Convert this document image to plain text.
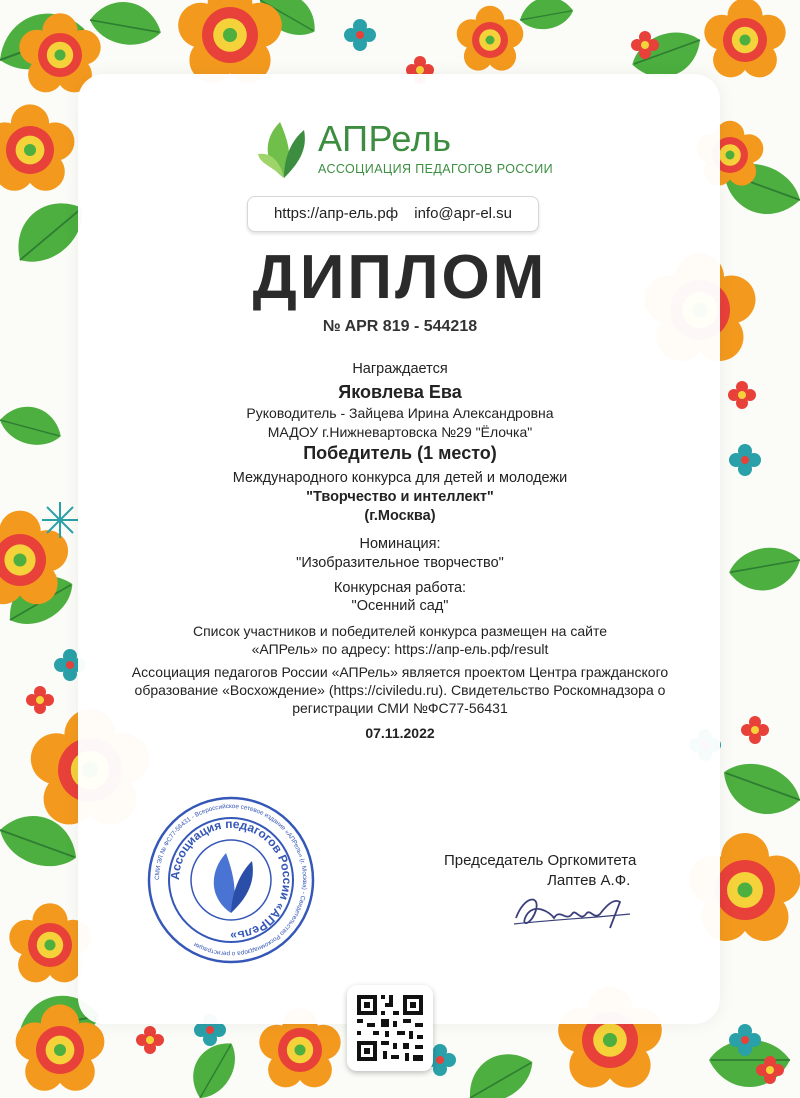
АПРель
АССОЦИАЦИЯ ПЕДАГОГОВ РОССИИ
https://апр-ель.рф info@apr-el.su
ДИПЛОМ
№ APR 819 - 544218
Награждается
Яковлева Ева
Руководитель - Зайцева Ирина Александровна
МАДОУ г.Нижневартовска №29 "Ёлочка"
Победитель (1 место)
Международного конкурса для детей и молодежи
"Творчество и интеллект"
(г.Москва)
Номинация:
"Изобразительное творчество"
Конкурсная работа:
"Осенний сад"
Список участников и победителей конкурса размещен на сайте
«АПРель» по адресу: https://апр-ель.рф/result
Ассоциация педагогов России «АПРель» является проектом Центра гражданского
образование «Восхождение» (https://civiledu.ru). Свидетельство Роскомнадзора о
регистрации СМИ №ФС77-56431
07.11.2022
СМИ ЭЛ № ФС77-56431 - Всероссийское сетевое издание «АПРель» (г. Москва) - Свидетельство Роскомнадзора о регистрации
Ассоциация педагогов России «АПРель»
Председатель Оргкомитета
Лаптев А.Ф.
